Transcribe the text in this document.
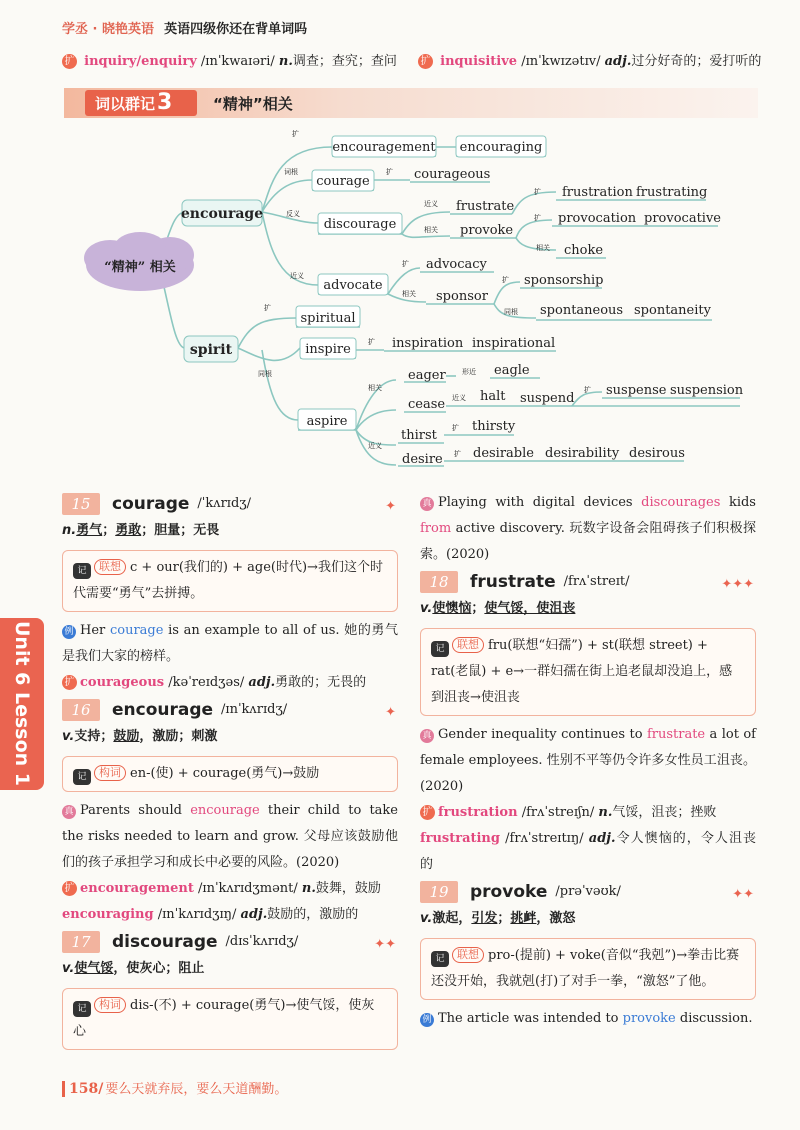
学丞 · 晓艳英语 英语四级你还在背单词吗
扩 inquiry/enquiry /ɪnˈkwaɪəri/ n.调查；查究；查问 扩 inquisitive /ɪnˈkwɪzətɪv/ adj.过分好奇的；爱打听的
词以群记3	“精神”相关
“精神” 相关
encourage
spirit
encouragement encouraging
courage	courageous
discourage
frustrate
frustration frustrating
provoke
provocation provocative
choke
advocate
advocacy
sponsor
sponsorship
spontaneous spontaneity
spiritual
inspire	inspiration inspirational
aspire
eager	eagle
cease
halt suspend
suspense suspension
thirst
thirsty
desire desirable desirability desirous
扩
词根	扩
反义
近义
扩
相关
扩
相关
近义
扩
相关
扩
同根
扩
扩
同根
相关
形近
近义
扩
扩
近义
扩
Unit 6

Lesson 1
15	courage /ˈkʌrɪdʒ/	✦
n.勇气；勇敢；胆量；无畏
记 联想 c + our(我们的) + age(时代)→我们这个时代需要“勇气”去拼搏。
例 Her courage is an example to all of us. 她的勇气是我们大家的榜样。
扩 courageous /kəˈreɪdʒəs/ adj.勇敢的；无畏的
16	encourage /ɪnˈkʌrɪdʒ/	✦
v.支持；鼓励，激励；刺激
记 构词 en-(使) + courage(勇气)→鼓励
真 Parents should encourage their child to take the risks needed to learn and grow. 父母应该鼓励他们的孩子承担学习和成长中必要的风险。(2020)
扩 encouragement /ɪnˈkʌrɪdʒmənt/ n.鼓舞，鼓励
encouraging /ɪnˈkʌrɪdʒɪŋ/ adj.鼓励的，激励的
17	discourage /dɪsˈkʌrɪdʒ/	✦✦
v.使气馁，使灰心；阻止
记 构词 dis-(不) + courage(勇气)→使气馁，使灰心
真 Playing with digital devices discourages kids from active discovery. 玩数字设备会阻碍孩子们积极探索。(2020)
18	frustrate /frʌˈstreɪt/	✦✦✦
v.使懊恼；使气馁，使沮丧
记 联想 fru(联想“妇孺”) + st(联想 street) + rat(老鼠) + e→一群妇孺在街上追老鼠却没追上，感到沮丧→使沮丧
真 Gender inequality continues to frustrate a lot of female employees. 性别不平等仍令许多女性员工沮丧。(2020)
扩 frustration /frʌˈstreɪʃn/ n.气馁，沮丧；挫败
frustrating /frʌˈstreɪtɪŋ/ adj.令人懊恼的，令人沮丧的
19	provoke /prəˈvəʊk/	✦✦
v.激起，引发；挑衅，激怒
记 联想 pro-(提前) + voke(音似“我剋”)→拳击比赛还没开始，我就剋(打)了对手一拳，“激怒”了他。
例 The article was intended to provoke discussion.
158/ 要么天就弃辰，要么天道酬勤。
